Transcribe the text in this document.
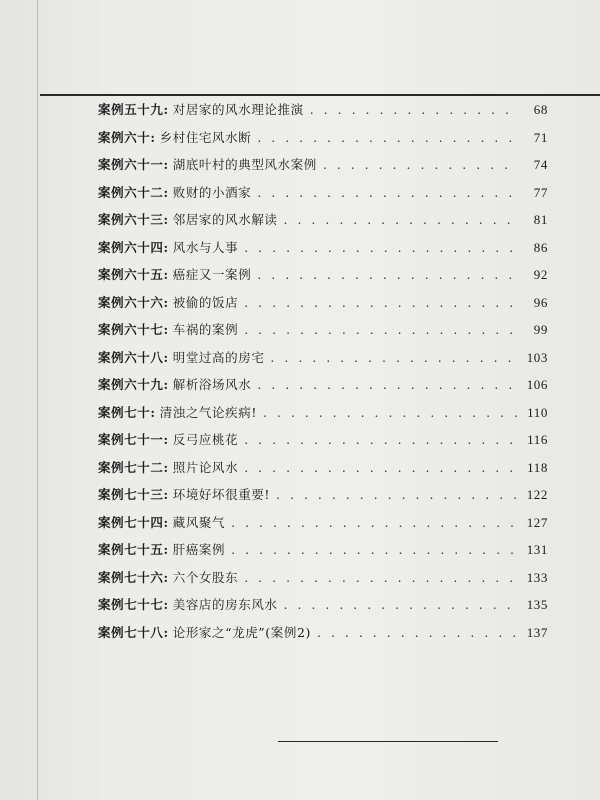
案例五十九: 对居家的风水理论推演 . . .	68
案例六十: 乡村住宅风水断 . . .	71
案例六十一: 湖底叶村的典型风水案例 . . .	74
案例六十二: 败财的小酒家 . . .	77
案例六十三: 邻居家的风水解读 . . .	81
案例六十四: 风水与人事 . . .	86
案例六十五: 癌症又一案例 . . .	92
案例六十六: 被偷的饭店 . . .	96
案例六十七: 车祸的案例 . . .	99
案例六十八: 明堂过高的房宅 . . .	103
案例六十九: 解析浴场风水 . . .	106
案例七十: 清浊之气论疾病! . . .	110
案例七十一: 反弓应桃花 . . .	116
案例七十二: 照片论风水 . . .	118
案例七十三: 环境好坏很重要! . . .	122
案例七十四: 藏风聚气 . . .	127
案例七十五: 肝癌案例 . . .	131
案例七十六: 六个女股东 . . .	133
案例七十七: 美容店的房东风水 . . .	135
案例七十八: 论形家之“龙虎”(案例2) . . .	137
